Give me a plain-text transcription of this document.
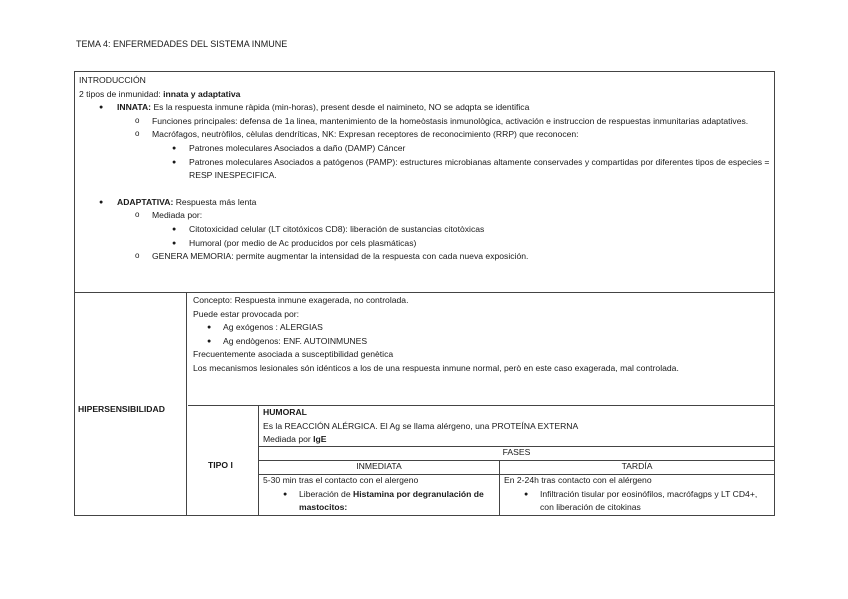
TEMA 4: ENFERMEDADES DEL SISTEMA INMUNE
INTRODUCCIÓN
2 tipos de inmunidad: innata y adaptativa
● INNATA: Es la respuesta inmune ràpida (min-horas), present desde el naimineto, NO se adqpta se identifica
o Funciones principales: defensa de 1a linea, mantenimiento de la homeòstasis inmunològica, activación e instruccion de respuestas inmunitarias adaptatives.
o Macrófagos, neutròfilos, cèlulas dendríticas, NK: Expresan receptores de reconocimiento (RRP) que reconocen:
● Patrones moleculares Asociados a daño (DAMP) Cáncer
● Patrones moleculares Asociados a patógenos (PAMP): estructures microbianas altamente conservades y compartidas por diferentes tipos de especies = RESP INESPECIFICA.
● ADAPTATIVA: Respuesta más lenta
o Mediada por:
● Citotoxicidad celular (LT citotóxicos CD8): liberación de sustancias citotòxicas
● Humoral (por medio de Ac producidos por cels plasmáticas)
o GENERA MEMORIA: permite augmentar la intensidad de la respuesta con cada nueva exposición.
HIPERSENSIBILIDAD
Concepto: Respuesta inmune exagerada, no controlada.
Puede estar provocada por:
● Ag exógenos : ALERGIAS
● Ag endògenos: ENF. AUTOINMUNES
Frecuentemente asociada a susceptibilidad genètica
Los mecanismos lesionales són idénticos a los de una respuesta inmune normal, però en este caso exagerada, mal controlada.
TIPO I
HUMORAL
Es la REACCIÓN ALÉRGICA. El Ag se llama alérgeno, una PROTEÍNA EXTERNA
Mediada por IgE
FASES
INMEDIATA	TARDÍA
5-30 min tras el contacto con el alergeno
● Liberación de Histamina por degranulación de mastocitos:
En 2-24h tras contacto con el alérgeno
● Infiltración tisular por eosinófilos, macrófagps y LT CD4+, con liberación de citokinas
